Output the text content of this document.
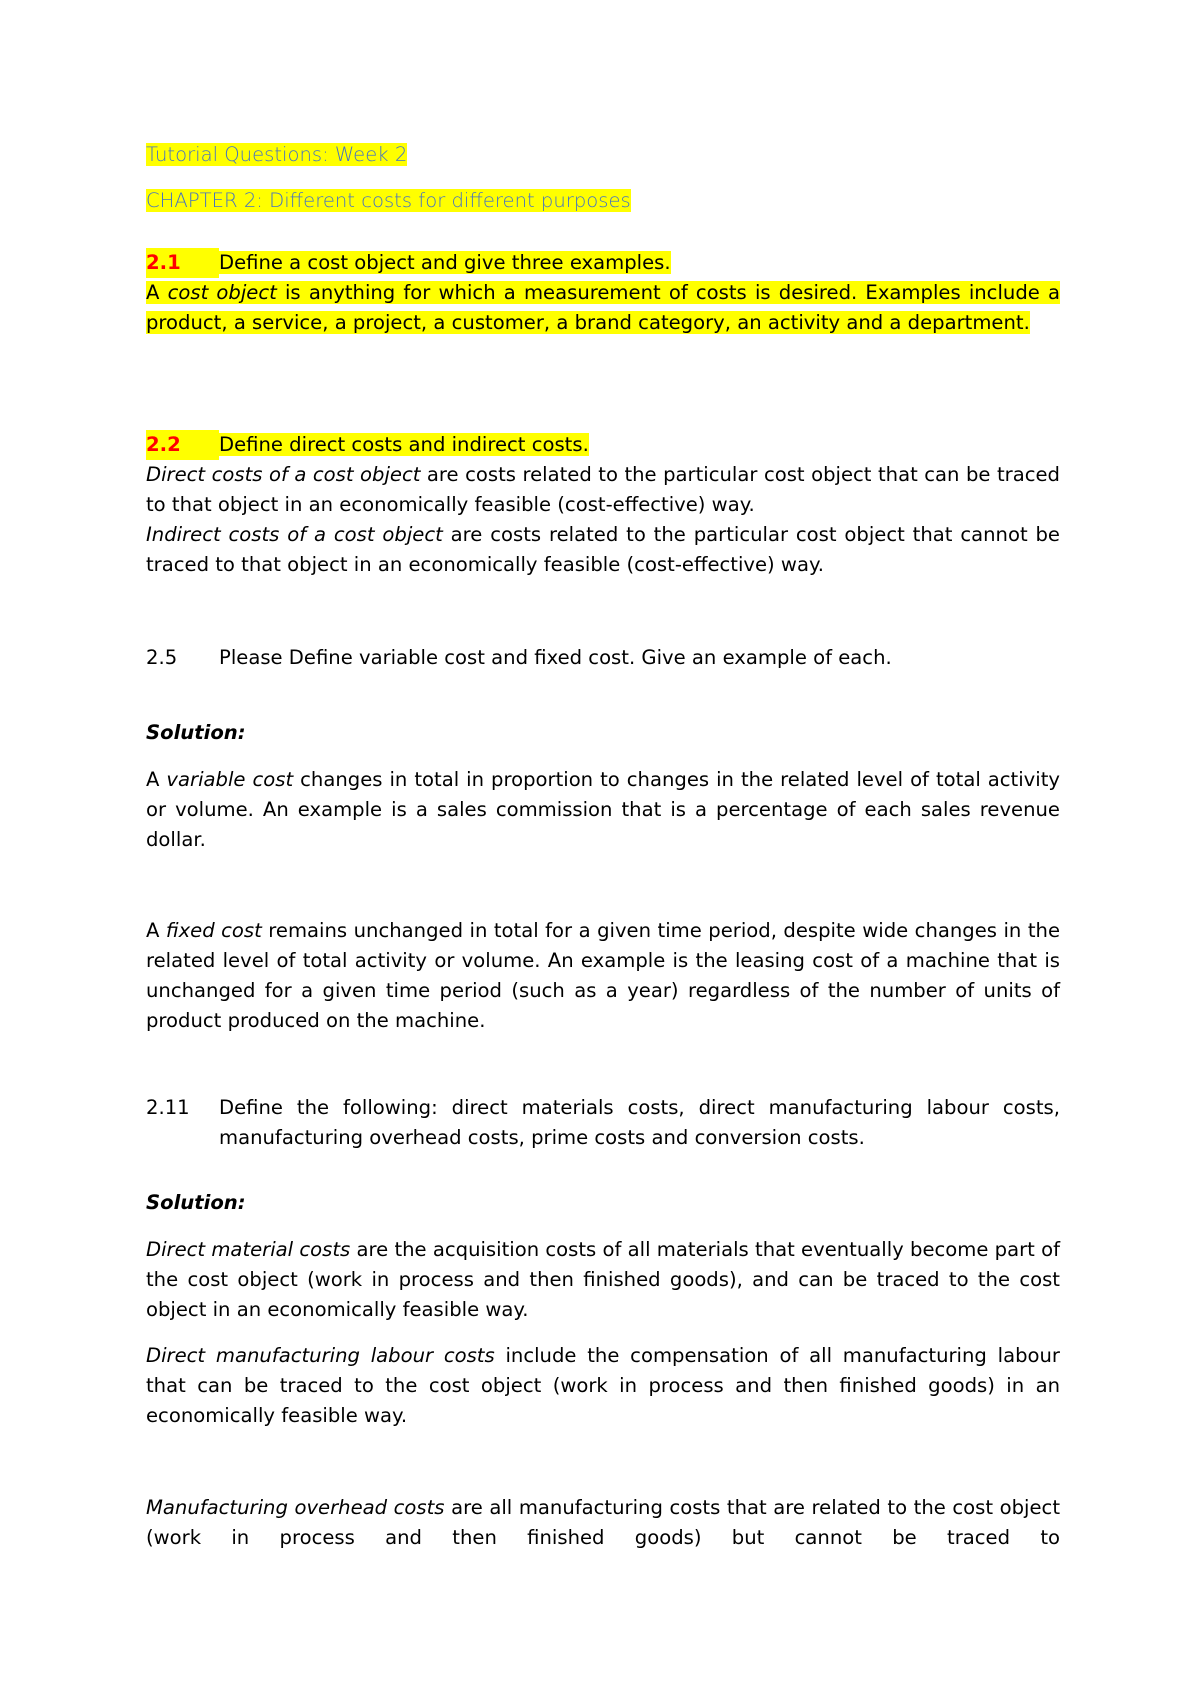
Tutorial Questions: Week 2

CHAPTER 2: Different costs for different purposes

2.1	Define a cost object and give three examples.

A cost object is anything for which a measurement of costs is desired. Examples include a product, a service, a project, a customer, a brand category, an activity and a department.

2.2	Define direct costs and indirect costs.

Direct costs of a cost object are costs related to the particular cost object that can be traced to that object in an economically feasible (cost-effective) way.

Indirect costs of a cost object are costs related to the particular cost object that cannot be traced to that object in an economically feasible (cost-effective) way.

2.5	Please Define variable cost and fixed cost. Give an example of each.

Solution:

A variable cost changes in total in proportion to changes in the related level of total activity or volume. An example is a sales commission that is a percentage of each sales revenue dollar.

A fixed cost remains unchanged in total for a given time period, despite wide changes in the related level of total activity or volume. An example is the leasing cost of a machine that is unchanged for a given time period (such as a year) regardless of the number of units of product produced on the machine.

2.11	Define the following: direct materials costs, direct manufacturing labour costs, manufacturing overhead costs, prime costs and conversion costs.

Solution:

Direct material costs are the acquisition costs of all materials that eventually become part of the cost object (work in process and then finished goods), and can be traced to the cost object in an economically feasible way.

Direct manufacturing labour costs include the compensation of all manufacturing labour that can be traced to the cost object (work in process and then finished goods) in an economically feasible way.

Manufacturing overhead costs are all manufacturing costs that are related to the cost object (work in process and then finished goods) but cannot be traced to
